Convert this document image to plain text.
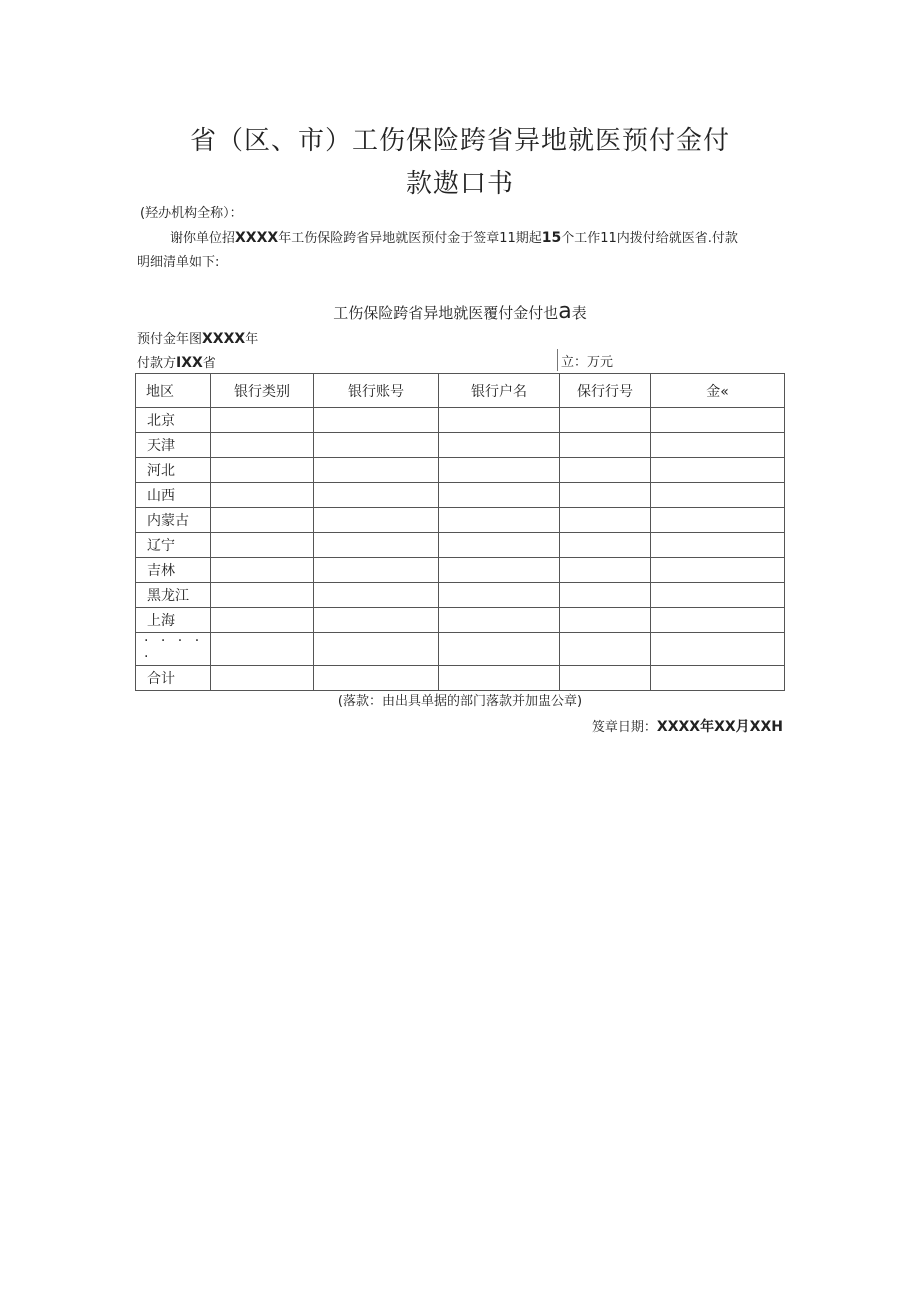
省（区、市）工伤保险跨省异地就医预付金付
款遨口书
(羟办机构全称）：
谢你单位招XXXX年工伤保险跨省异地就医预付金于签章11期起15个工作11内拨付给就医省.付款
明细清单如下:
工伤保险跨省异地就医覆付金付也a表
预付金年图XXXX年
付款方IXX省	立：万元
地区	银行类别	银行账号	银行户名	保行行号	金«
北京					
天津					
河北					
山西					
内蒙古					
辽宁					
吉林					
黑龙江					
上海					
· · · · ·					
合计					
(落款：由出具单据的部门落款并加盅公章)
笈章日期：XXXX年XX月XXH
